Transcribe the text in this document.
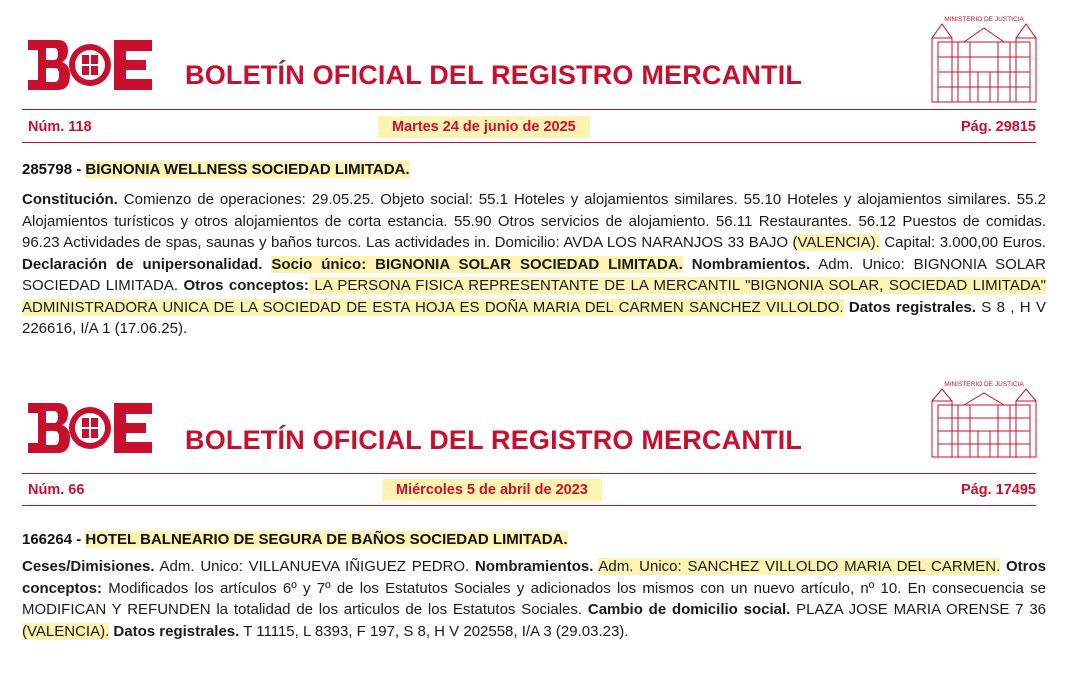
BOLETÍN OFICIAL DEL REGISTRO MERCANTIL
MINISTERIO DE JUSTICIA
Núm. 118	Martes 24 de junio de 2025	Pág. 29815
285798 - BIGNONIA WELLNESS SOCIEDAD LIMITADA.
Constitución. Comienzo de operaciones: 29.05.25. Objeto social: 55.1 Hoteles y alojamientos similares. 55.10 Hoteles y alojamientos similares. 55.2 Alojamientos turísticos y otros alojamientos de corta estancia. 55.90 Otros servicios de alojamiento. 56.11 Restaurantes. 56.12 Puestos de comidas. 96.23 Actividades de spas, saunas y baños turcos. Las actividades in. Domicilio: AVDA LOS NARANJOS 33 BAJO (VALENCIA). Capital: 3.000,00 Euros. Declaración de unipersonalidad. Socio único: BIGNONIA SOLAR SOCIEDAD LIMITADA. Nombramientos. Adm. Unico: BIGNONIA SOLAR SOCIEDAD LIMITADA. Otros conceptos: LA PERSONA FISICA REPRESENTANTE DE LA MERCANTIL "BIGNONIA SOLAR, SOCIEDAD LIMITADA" ADMINISTRADORA UNICA DE LA SOCIEDAD DE ESTA HOJA ES DOÑA MARIA DEL CARMEN SANCHEZ VILLOLDO. Datos registrales. S 8 , H V 226616, I/A 1 (17.06.25).
BOLETÍN OFICIAL DEL REGISTRO MERCANTIL
MINISTERIO DE JUSTICIA
Núm. 66	Miércoles 5 de abril de 2023	Pág. 17495
166264 - HOTEL BALNEARIO DE SEGURA DE BAÑOS SOCIEDAD LIMITADA.
Ceses/Dimisiones. Adm. Unico: VILLANUEVA IÑIGUEZ PEDRO. Nombramientos. Adm. Unico: SANCHEZ VILLOLDO MARIA DEL CARMEN. Otros conceptos: Modificados los artículos 6º y 7º de los Estatutos Sociales y adicionados los mismos con un nuevo artículo, nº 10. En consecuencia se MODIFICAN Y REFUNDEN la totalidad de los articulos de los Estatutos Sociales. Cambio de domicilio social. PLAZA JOSE MARIA ORENSE 7 36 (VALENCIA). Datos registrales. T 11115, L 8393, F 197, S 8, H V 202558, I/A 3 (29.03.23).
